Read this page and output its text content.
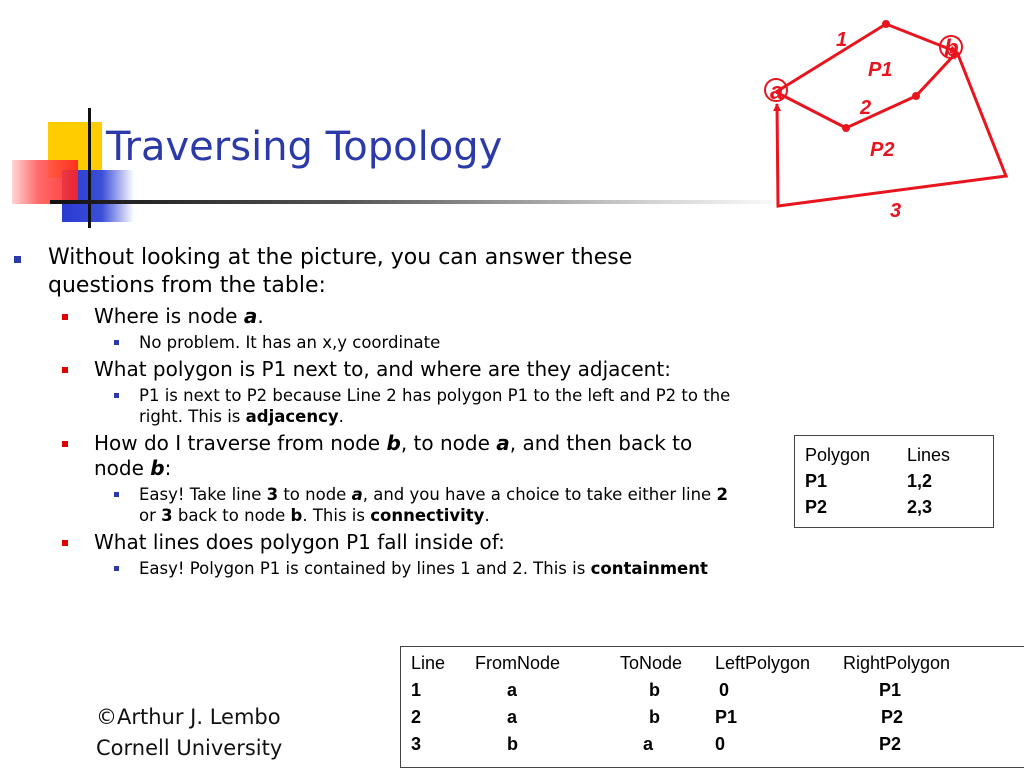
Traversing Topology
a
b
1
2
3
P1
P2
Without looking at the picture, you can answer these questions from the table:
Where is node a.
No problem. It has an x,y coordinate
What polygon is P1 next to, and where are they adjacent:
P1 is next to P2 because Line 2 has polygon P1 to the left and P2 to the right. This is adjacency.
How do I traverse from node b, to node a, and then back to node b:
Easy! Take line 3 to node a, and you have a choice to take either line 2 or 3 back to node b. This is connectivity.
What lines does polygon P1 fall inside of:
Easy! Polygon P1 is contained by lines 1 and 2. This is containment
Polygon	Lines
P1	1,2
P2	2,3
Line FromNode	ToNode LeftPolygon RightPolygon
1	a	b	0	P1
2	a	b	P1	P2
3	b	a	0	P2
©Arthur J. Lembo
Cornell University
